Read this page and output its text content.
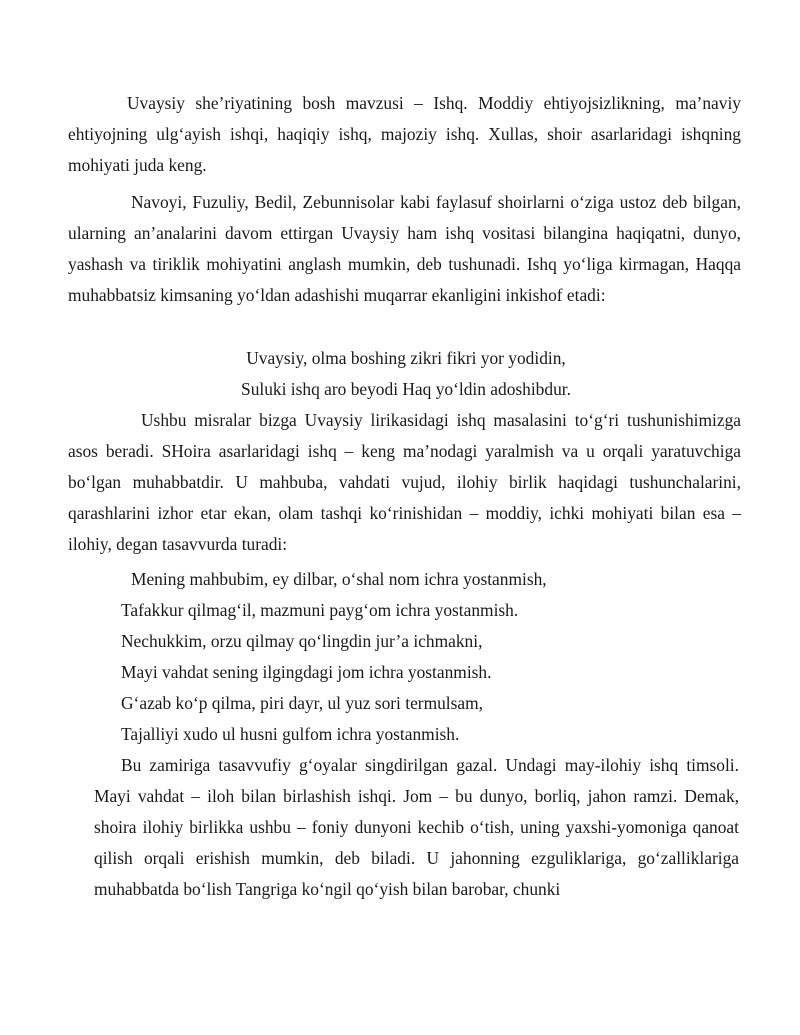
Uvaysiy she’riyatining bosh mavzusi – Ishq. Moddiy ehtiyojsizlikning, ma’naviy ehtiyojning ulg‘ayish ishqi, haqiqiy ishq, majoziy ishq. Xullas, shoir asarlaridagi ishqning mohiyati juda keng.

Navoyi, Fuzuliy, Bedil, Zebunnisolar kabi faylasuf shoirlarni o‘ziga ustoz deb bilgan, ularning an’analarini davom ettirgan Uvaysiy ham ishq vositasi bilangina haqiqatni, dunyo, yashash va tiriklik mohiyatini anglash mumkin, deb tushunadi. Ishq yo‘liga kirmagan, Haqqa muhabbatsiz kimsaning yo‘ldan adashishi muqarrar ekanligini inkishof etadi:

Uvaysiy, olma boshing zikri fikri yor yodidin,

Suluki ishq aro beyodi Haq yo‘ldin adoshibdur.

Ushbu misralar bizga Uvaysiy lirikasidagi ishq masalasini to‘g‘ri tushunishimizga asos beradi. SHoira asarlaridagi ishq – keng ma’nodagi yaralmish va u orqali yaratuvchiga bo‘lgan muhabbatdir. U mahbuba, vahdati vujud, ilohiy birlik haqidagi tushunchalarini, qarashlarini izhor etar ekan, olam tashqi ko‘rinishidan – moddiy, ichki mohiyati bilan esa – ilohiy, degan tasavvurda turadi:

Mening mahbubim, ey dilbar, o‘shal nom ichra yostanmish,

Tafakkur qilmag‘il, mazmuni payg‘om ichra yostanmish.

Nechukkim, orzu qilmay qo‘lingdin jur’a ichmakni,

Mayi vahdat sening ilgingdagi jom ichra yostanmish.

G‘azab ko‘p qilma, piri dayr, ul yuz sori termulsam,

Tajalliyi xudo ul husni gulfom ichra yostanmish.

Bu zamiriga tasavvufiy g‘oyalar singdirilgan gazal. Undagi may-ilohiy ishq timsoli. Mayi vahdat – iloh bilan birlashish ishqi. Jom – bu dunyo, borliq, jahon ramzi. Demak, shoira ilohiy birlikka ushbu – foniy dunyoni kechib o‘tish, uning yaxshi-yomoniga qanoat qilish orqali erishish mumkin, deb biladi. U jahonning ezguliklariga, go‘zalliklariga muhabbatda bo‘lish Tangriga ko‘ngil qo‘yish bilan barobar, chunki
